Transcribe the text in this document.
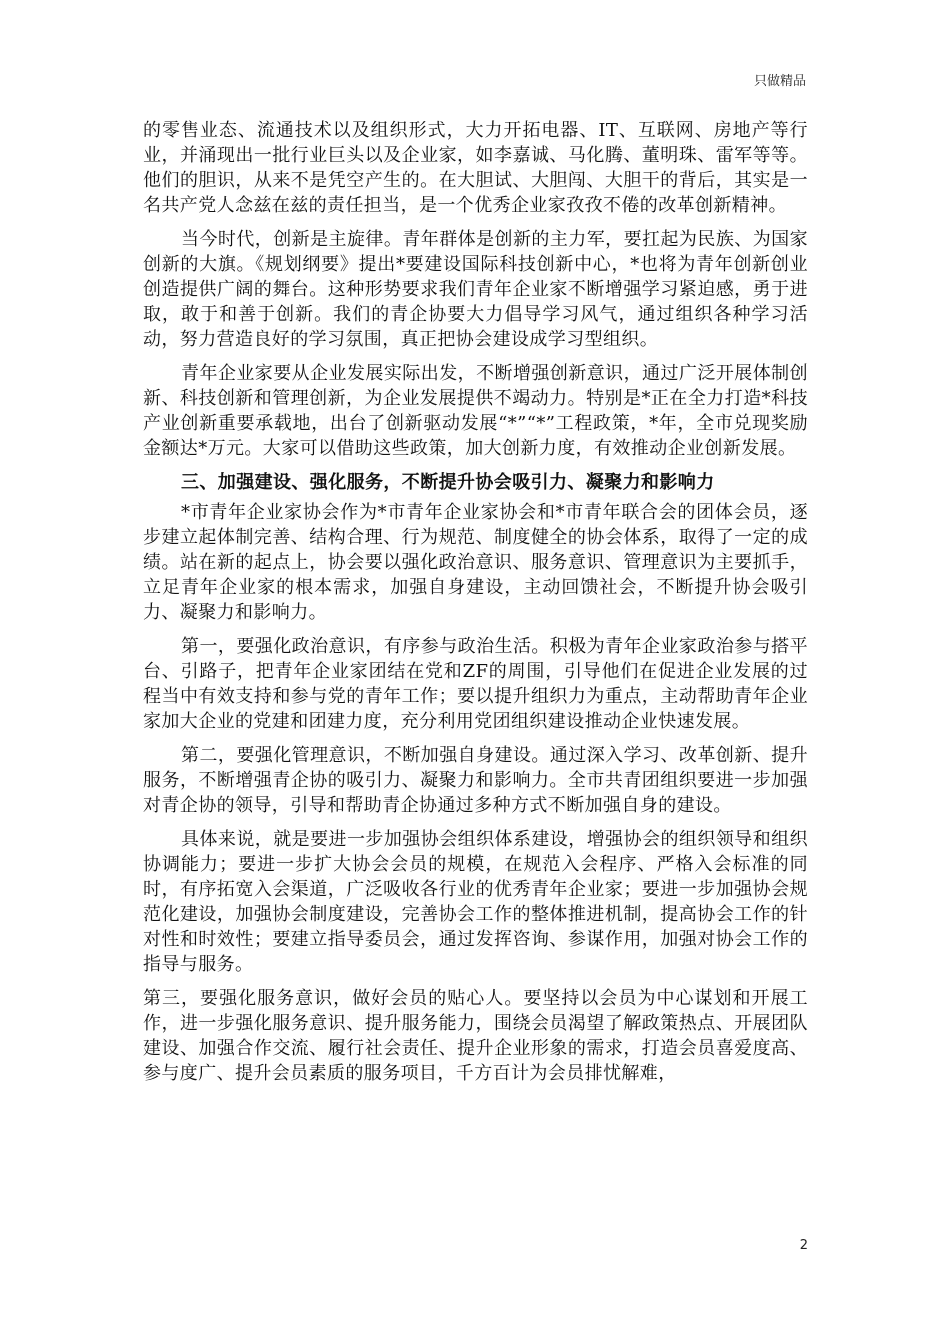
只做精品

的零售业态、流通技术以及组织形式，大力开拓电器、IT、互联网、房地产等行业，并涌现出一批行业巨头以及企业家，如李嘉诚、马化腾、董明珠、雷军等等。他们的胆识，从来不是凭空产生的。在大胆试、大胆闯、大胆干的背后，其实是一名共产党人念兹在兹的责任担当，是一个优秀企业家孜孜不倦的改革创新精神。

当今时代，创新是主旋律。青年群体是创新的主力军，要扛起为民族、为国家创新的大旗。《规划纲要》提出*要建设国际科技创新中心，*也将为青年创新创业创造提供广阔的舞台。这种形势要求我们青年企业家不断增强学习紧迫感，勇于进取，敢于和善于创新。我们的青企协要大力倡导学习风气，通过组织各种学习活动，努力营造良好的学习氛围，真正把协会建设成学习型组织。

青年企业家要从企业发展实际出发，不断增强创新意识，通过广泛开展体制创新、科技创新和管理创新，为企业发展提供不竭动力。特别是*正在全力打造*科技产业创新重要承载地，出台了创新驱动发展“*”“*”工程政策，*年，全市兑现奖励金额达*万元。大家可以借助这些政策，加大创新力度，有效推动企业创新发展。

三、加强建设、强化服务，不断提升协会吸引力、凝聚力和影响力

*市青年企业家协会作为*市青年企业家协会和*市青年联合会的团体会员，逐步建立起体制完善、结构合理、行为规范、制度健全的协会体系，取得了一定的成绩。站在新的起点上，协会要以强化政治意识、服务意识、管理意识为主要抓手，立足青年企业家的根本需求，加强自身建设，主动回馈社会，不断提升协会吸引力、凝聚力和影响力。

第一，要强化政治意识，有序参与政治生活。积极为青年企业家政治参与搭平台、引路子，把青年企业家团结在党和ZF的周围，引导他们在促进企业发展的过程当中有效支持和参与党的青年工作；要以提升组织力为重点，主动帮助青年企业家加大企业的党建和团建力度，充分利用党团组织建设推动企业快速发展。

第二，要强化管理意识，不断加强自身建设。通过深入学习、改革创新、提升服务，不断增强青企协的吸引力、凝聚力和影响力。全市共青团组织要进一步加强对青企协的领导，引导和帮助青企协通过多种方式不断加强自身的建设。

具体来说，就是要进一步加强协会组织体系建设，增强协会的组织领导和组织协调能力；要进一步扩大协会会员的规模，在规范入会程序、严格入会标准的同时，有序拓宽入会渠道，广泛吸收各行业的优秀青年企业家；要进一步加强协会规范化建设，加强协会制度建设，完善协会工作的整体推进机制，提高协会工作的针对性和时效性；要建立指导委员会，通过发挥咨询、参谋作用，加强对协会工作的指导与服务。

第三，要强化服务意识，做好会员的贴心人。要坚持以会员为中心谋划和开展工作，进一步强化服务意识、提升服务能力，围绕会员渴望了解政策热点、开展团队建设、加强合作交流、履行社会责任、提升企业形象的需求，打造会员喜爱度高、参与度广、提升会员素质的服务项目，千方百计为会员排忧解难，

2
